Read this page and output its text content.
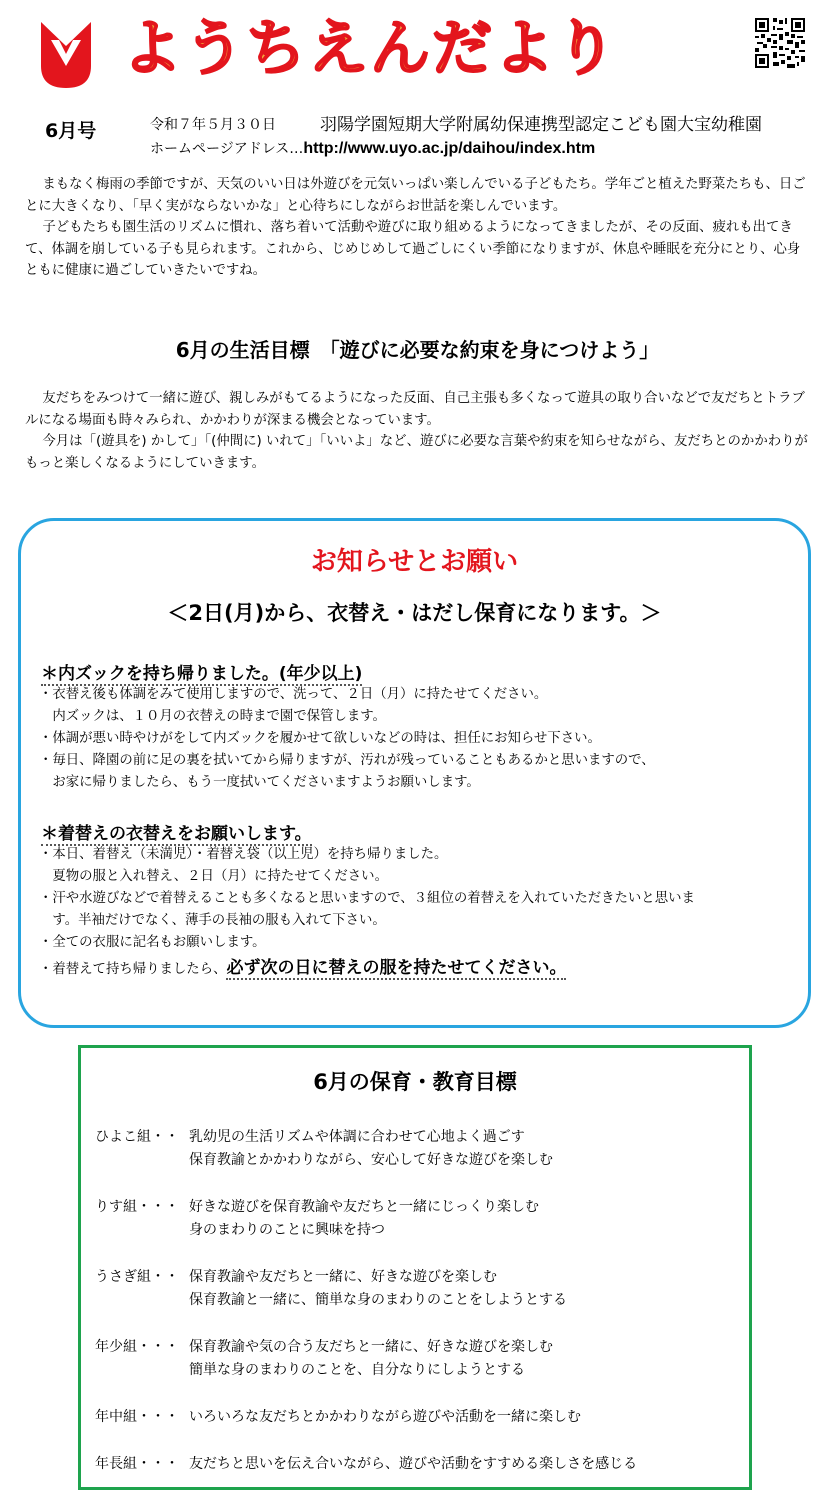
ようちえんだより
6月号	令和７年５月３０日	羽陽学園短期大学附属幼保連携型認定こども園大宝幼稚園
ホームページアドレス…http://www.uyo.ac.jp/daihou/index.htm

まもなく梅雨の季節ですが、天気のいい日は外遊びを元気いっぱい楽しんでいる子どもたち。学年ごと植えた野菜たちも、日ごとに大きくなり、「早く実がならないかな」と心待ちにしながらお世話を楽しんでいます。

子どもたちも園生活のリズムに慣れ、落ち着いて活動や遊びに取り組めるようになってきましたが、その反面、疲れも出てきて、体調を崩している子も見られます。これから、じめじめして過ごしにくい季節になりますが、休息や睡眠を充分にとり、心身ともに健康に過ごしていきたいですね。

6月の生活目標　「遊びに必要な約束を身につけよう」

友だちをみつけて一緒に遊び、親しみがもてるようになった反面、自己主張も多くなって遊具の取り合いなどで友だちとトラブルになる場面も時々みられ、かかわりが深まる機会となっています。

今月は「(遊具を) かして」「(仲間に) いれて」「いいよ」など、遊びに必要な言葉や約束を知らせながら、友だちとのかかわりがもっと楽しくなるようにしていきます。

お知らせとお願い
＜2日(月)から、衣替え・はだし保育になります。＞
＊内ズックを持ち帰りました。(年少以上)
・衣替え後も体調をみて使用しますので、洗って、２日（月）に持たせてください。
　内ズックは、１０月の衣替えの時まで園で保管します。
・体調が悪い時やけがをして内ズックを履かせて欲しいなどの時は、担任にお知らせ下さい。
・毎日、降園の前に足の裏を拭いてから帰りますが、汚れが残っていることもあるかと思いますので、
　お家に帰りましたら、もう一度拭いてくださいますようお願いします。
＊着替えの衣替えをお願いします。
・本日、着替え（未満児）・着替え袋（以上児）を持ち帰りました。
　夏物の服と入れ替え、２日（月）に持たせてください。
・汗や水遊びなどで着替えることも多くなると思いますので、３組位の着替えを入れていただきたいと思いま
　す。半袖だけでなく、薄手の長袖の服も入れて下さい。
・全ての衣服に記名もお願いします。
・着替えて持ち帰りましたら、必ず次の日に替えの服を持たせてください。
6月の保育・教育目標
ひよこ組・・ 乳幼児の生活リズムや体調に合わせて心地よく過ごす
保育教諭とかかわりながら、安心して好きな遊びを楽しむ
りす組・・・ 好きな遊びを保育教諭や友だちと一緒にじっくり楽しむ
身のまわりのことに興味を持つ
うさぎ組・・ 保育教諭や友だちと一緒に、好きな遊びを楽しむ
保育教諭と一緒に、簡単な身のまわりのことをしようとする
年少組・・・ 保育教諭や気の合う友だちと一緒に、好きな遊びを楽しむ
簡単な身のまわりのことを、自分なりにしようとする
年中組・・・ いろいろな友だちとかかわりながら遊びや活動を一緒に楽しむ
年長組・・・ 友だちと思いを伝え合いながら、遊びや活動をすすめる楽しさを感じる
